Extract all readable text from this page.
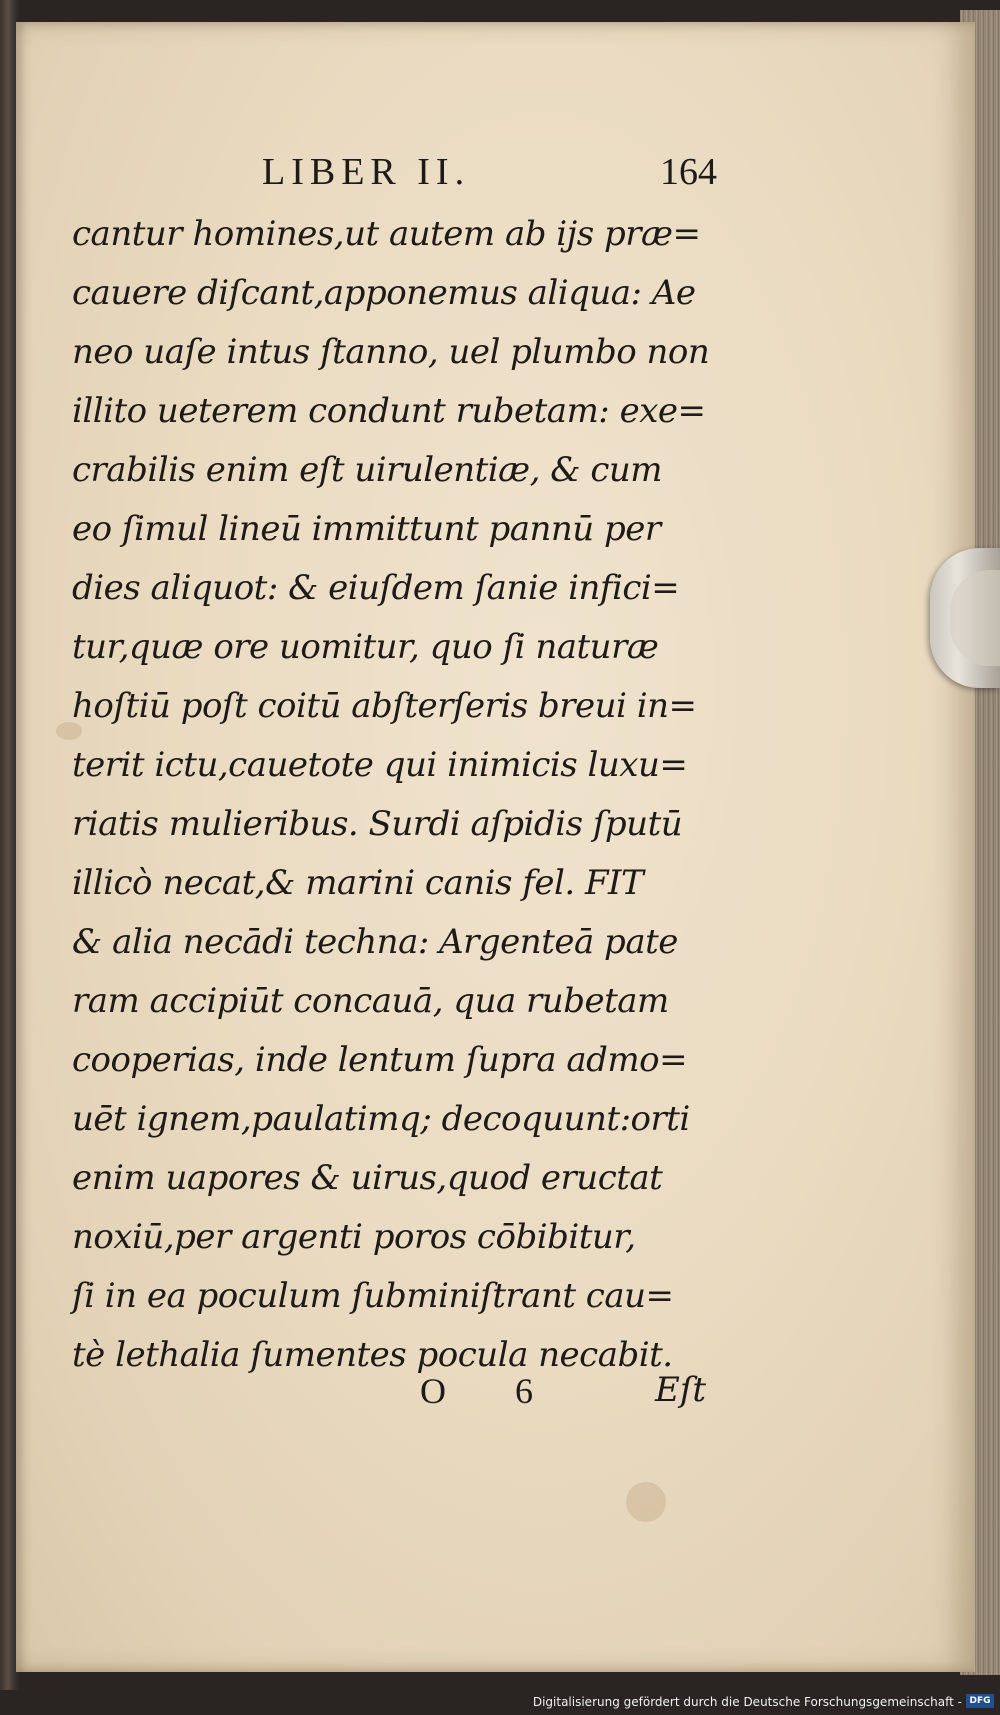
LIBER II.	164
cantur homines,ut autem ab ijs præ=
cauere diſcant,apponemus aliqua: Ae
neo uaſe intus ſtanno, uel plumbo non
illito ueterem condunt rubetam: exe=
crabilis enim eſt uirulentiæ, & cum
eo ſimul lineū immittunt pannū per
dies aliquot: & eiuſdem ſanie infici=
tur,quæ ore uomitur, quo ſi naturæ
hoſtiū poſt coitū abſterſeris breui in=
terit ictu,cauetote qui inimicis luxu=
riatis mulieribus. Surdi aſpidis ſputū
illicò necat,& marini canis fel. FIT
& alia necādi techna: Argenteā pate
ram accipiūt concauā, qua rubetam
cooperias, inde lentum ſupra admo=
uēt ignem,paulatimq; decoquunt:orti
enim uapores & uirus,quod eructat
noxiū,per argenti poros cōbibitur,
ſi in ea poculum ſubminiſtrant cau=
tè lethalia ſumentes pocula necabit.
O 6	Eſt
Digitalisierung gefördert durch die Deutsche Forschungsgemeinschaft - DFG
